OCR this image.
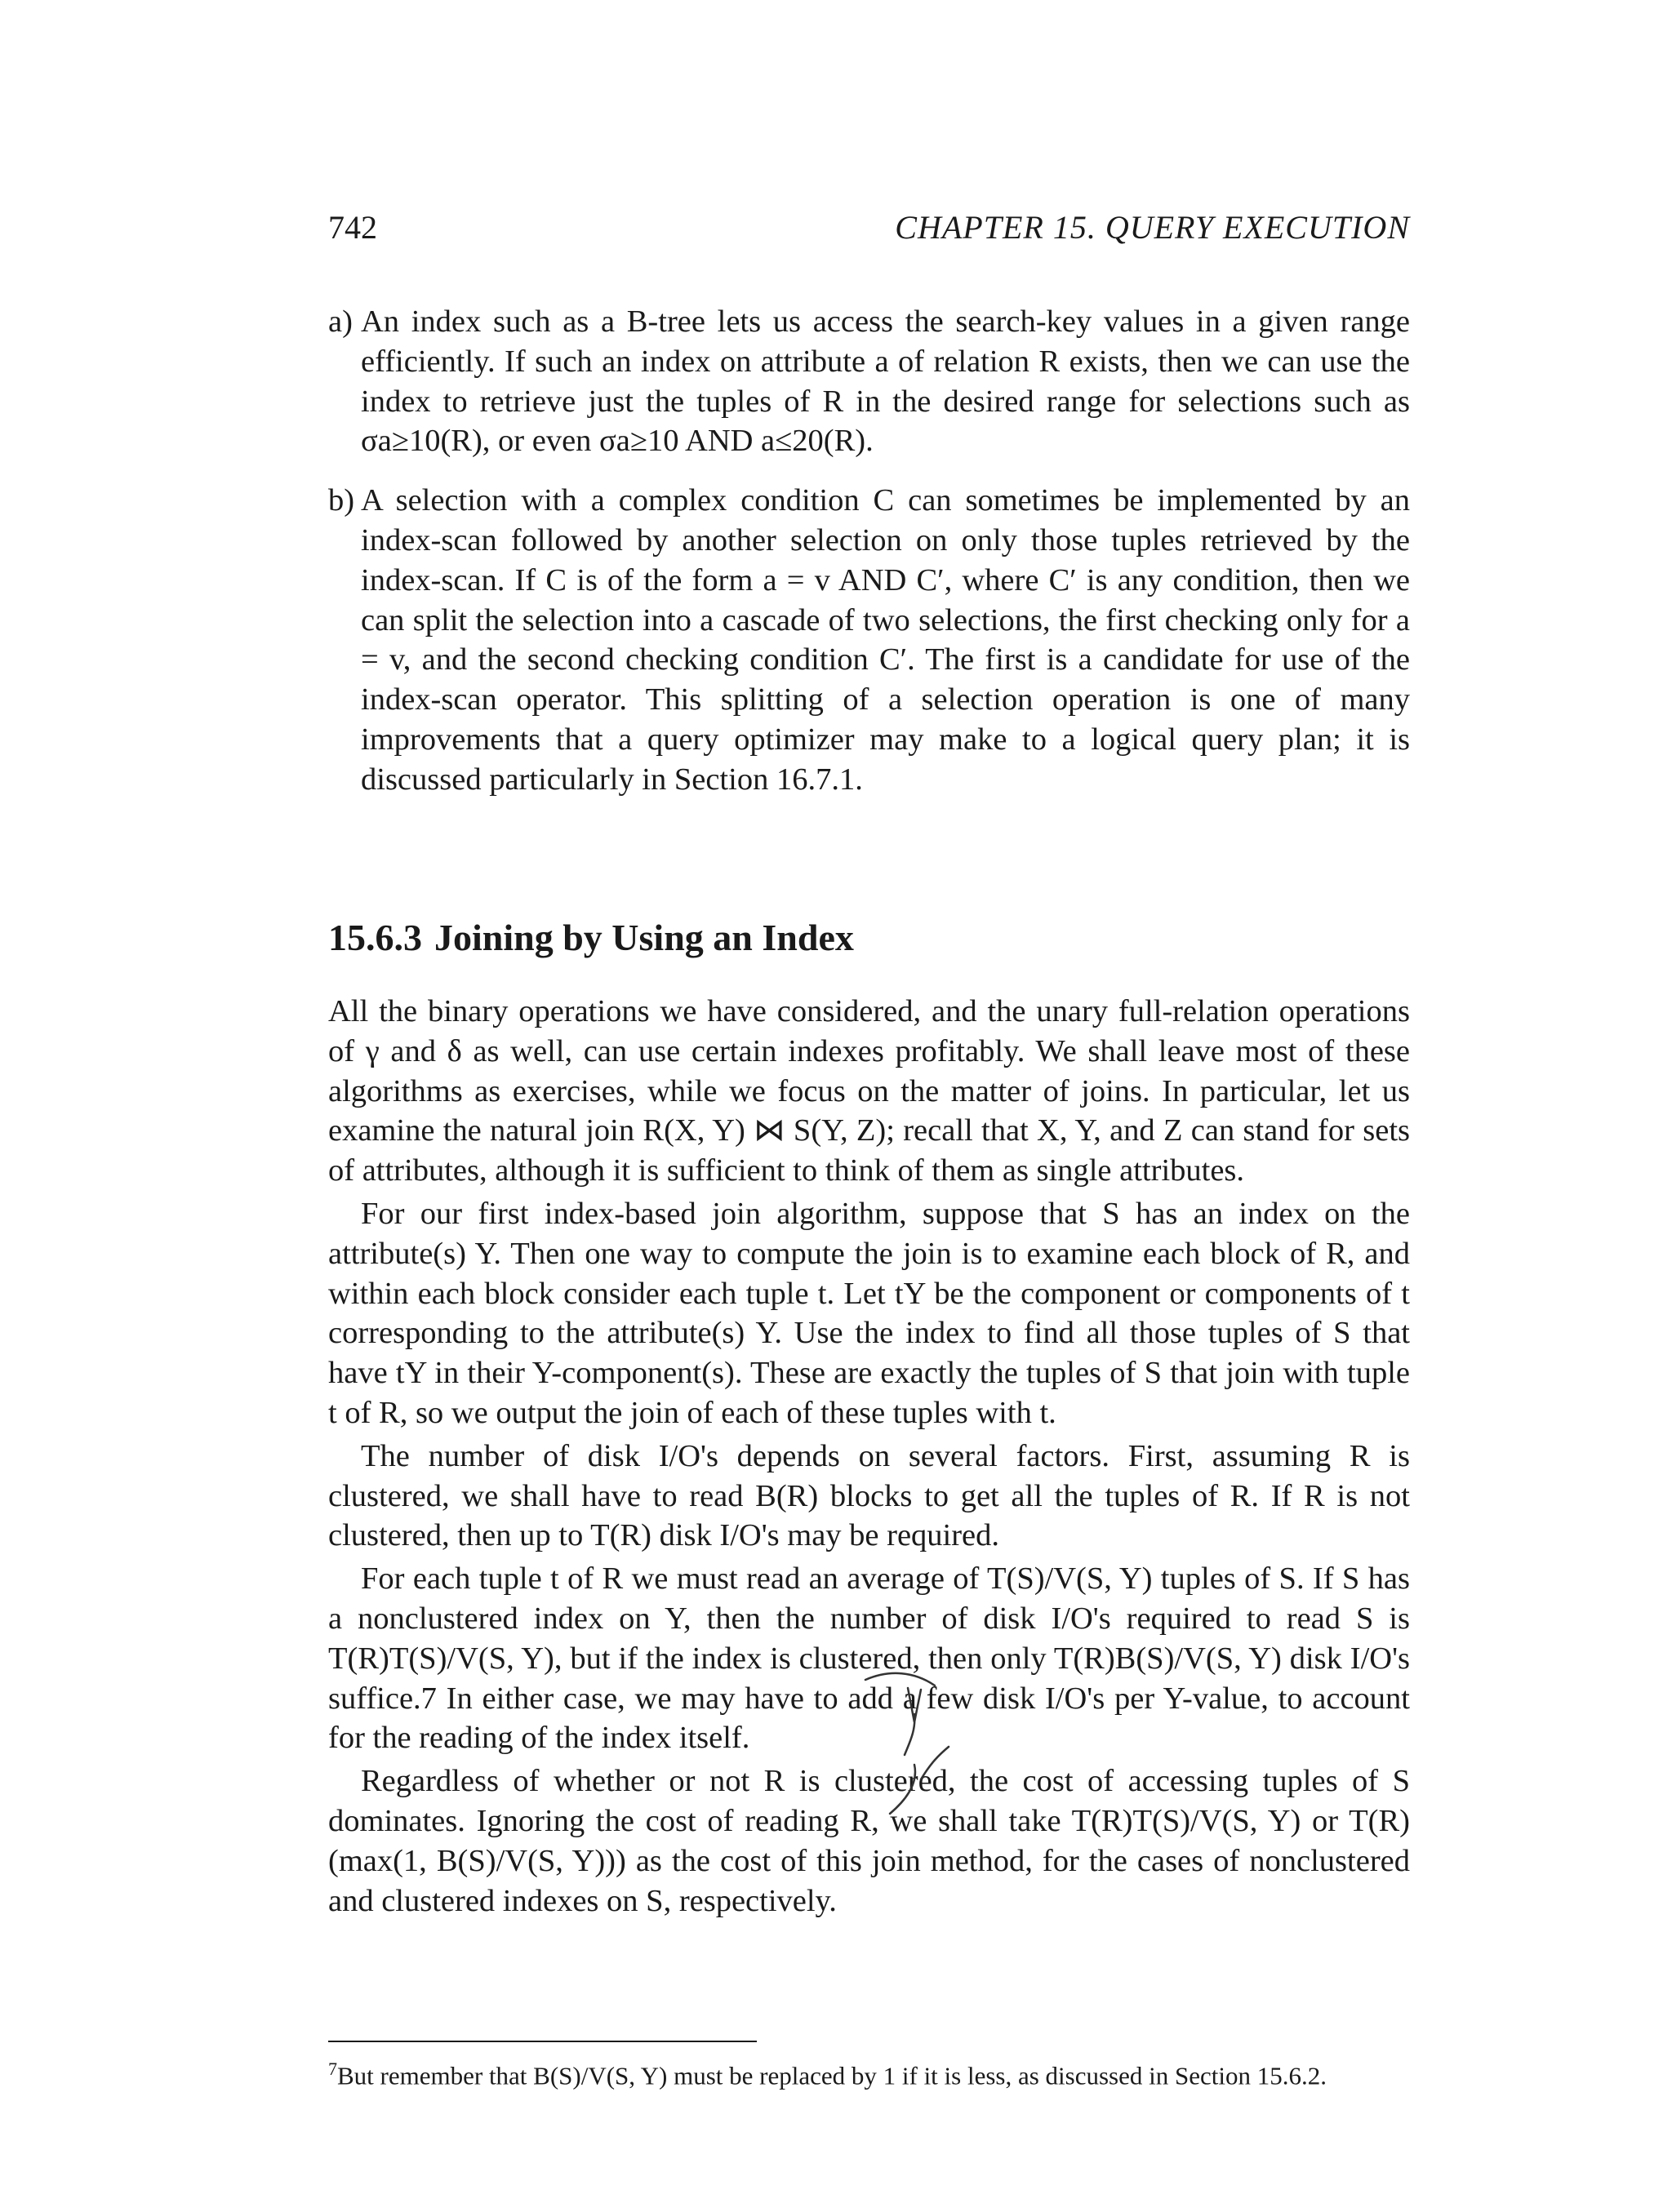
742	CHAPTER 15. QUERY EXECUTION
a) An index such as a B-tree lets us access the search-key values in a given range efficiently. If such an index on attribute a of relation R exists, then we can use the index to retrieve just the tuples of R in the desired range for selections such as σa≥10(R), or even σa≥10 AND a≤20(R).
b) A selection with a complex condition C can sometimes be implemented by an index-scan followed by another selection on only those tuples retrieved by the index-scan. If C is of the form a = v AND C′, where C′ is any condition, then we can split the selection into a cascade of two selections, the first checking only for a = v, and the second checking condition C′. The first is a candidate for use of the index-scan operator. This splitting of a selection operation is one of many improvements that a query optimizer may make to a logical query plan; it is discussed particularly in Section 16.7.1.
15.6.3 Joining by Using an Index

All the binary operations we have considered, and the unary full-relation operations of γ and δ as well, can use certain indexes profitably. We shall leave most of these algorithms as exercises, while we focus on the matter of joins. In particular, let us examine the natural join R(X, Y) ⋈ S(Y, Z); recall that X, Y, and Z can stand for sets of attributes, although it is sufficient to think of them as single attributes.

For our first index-based join algorithm, suppose that S has an index on the attribute(s) Y. Then one way to compute the join is to examine each block of R, and within each block consider each tuple t. Let tY be the component or components of t corresponding to the attribute(s) Y. Use the index to find all those tuples of S that have tY in their Y-component(s). These are exactly the tuples of S that join with tuple t of R, so we output the join of each of these tuples with t.

The number of disk I/O's depends on several factors. First, assuming R is clustered, we shall have to read B(R) blocks to get all the tuples of R. If R is not clustered, then up to T(R) disk I/O's may be required.

For each tuple t of R we must read an average of T(S)/V(S, Y) tuples of S. If S has a nonclustered index on Y, then the number of disk I/O's required to read S is T(R)T(S)/V(S, Y), but if the index is clustered, then only T(R)B(S)/V(S, Y) disk I/O's suffice.7 In either case, we may have to add a few disk I/O's per Y-value, to account for the reading of the index itself.

Regardless of whether or not R is clustered, the cost of accessing tuples of S dominates. Ignoring the cost of reading R, we shall take T(R)T(S)/V(S, Y) or T(R)(max(1, B(S)/V(S, Y))) as the cost of this join method, for the cases of nonclustered and clustered indexes on S, respectively.

$^7$But remember that B(S)/V(S, Y) must be replaced by 1 if it is less, as discussed in Section 15.6.2.
